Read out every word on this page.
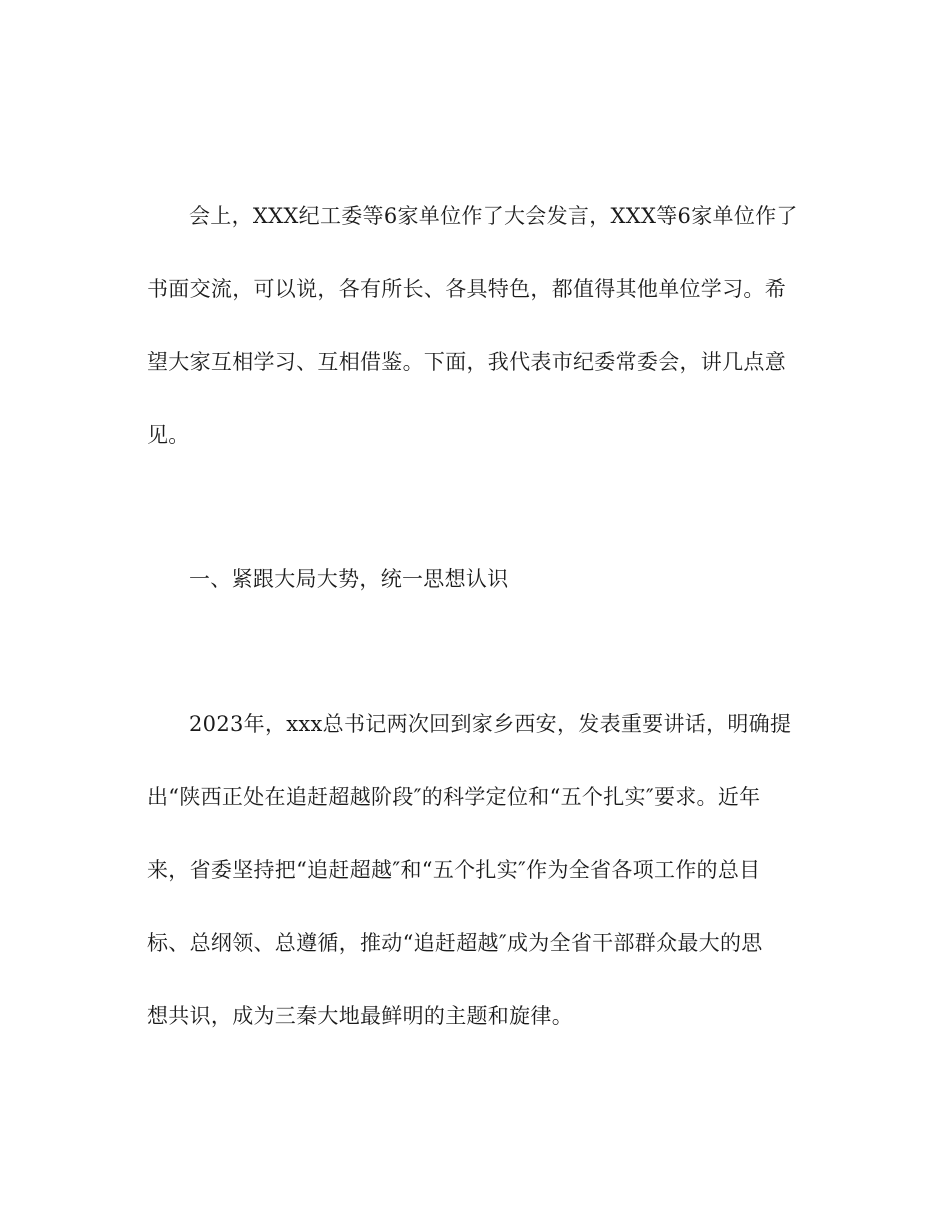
会上，XXX纪工委等6家单位作了大会发言，XXX等6家单位作了
书面交流，可以说，各有所长、各具特色，都值得其他单位学习。希
望大家互相学习、互相借鉴。下面，我代表市纪委常委会，讲几点意
见。
一、紧跟大局大势，统一思想认识
2023年，xxx总书记两次回到家乡西安，发表重要讲话，明确提
出“陕西正处在追赶超越阶段″的科学定位和“五个扎实″要求。近年
来，省委坚持把“追赶超越″和“五个扎实″作为全省各项工作的总目
标、总纲领、总遵循，推动“追赶超越″成为全省干部群众最大的思
想共识，成为三秦大地最鲜明的主题和旋律。
